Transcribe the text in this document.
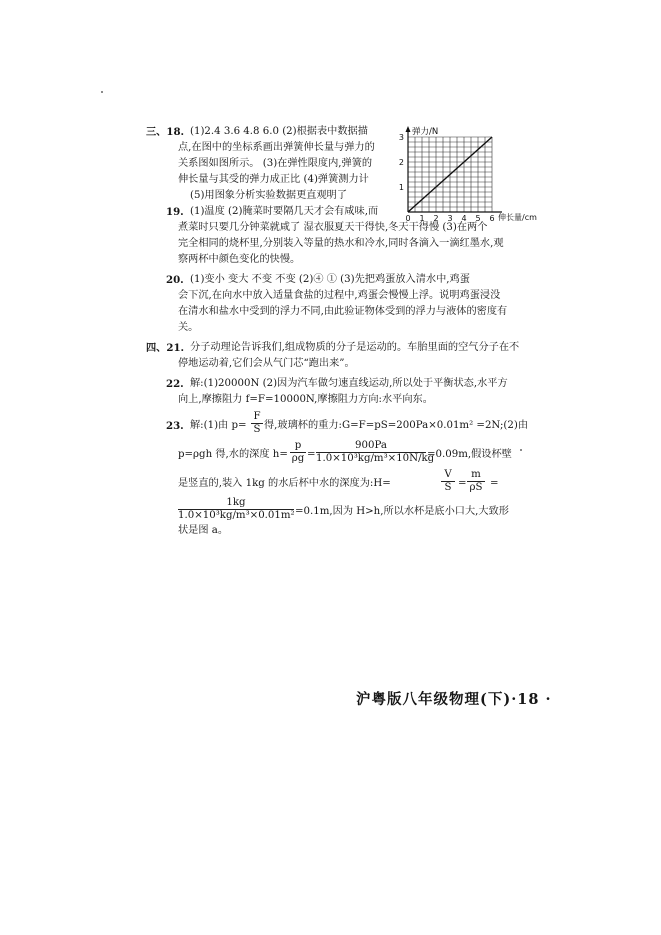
三、18. (1)2.4 3.6 4.8 6.0 (2)根据表中数据描
点,在图中的坐标系画出弹簧伸长量与弹力的
关系图如图所示。 (3)在弹性限度内,弹簧的
伸长量与其受的弹力成正比 (4)弹簧测力计
(5)用图象分析实验数据更直观明了
弹力/N
伸长量/cm
0 1 2 3 4 5 6
1
2
3
19. (1)温度 (2)腌菜时要隔几天才会有咸味,而
煮菜时只要几分钟菜就咸了 湿衣服夏天干得快,冬天干得慢 (3)在两个
完全相同的烧杯里,分别装入等量的热水和冷水,同时各滴入一滴红墨水,观
察两杯中颜色变化的快慢。
20. (1)变小 变大 不变 不变 (2)④ ① (3)先把鸡蛋放入清水中,鸡蛋
会下沉,在向水中放入适量食盐的过程中,鸡蛋会慢慢上浮。说明鸡蛋浸没
在清水和盐水中受到的浮力不同,由此验证物体受到的浮力与液体的密度有
关。
四、21. 分子动理论告诉我们,组成物质的分子是运动的。车胎里面的空气分子在不
停地运动着,它们会从气门芯“跑出来”。
22. 解:(1)20000N (2)因为汽车做匀速直线运动,所以处于平衡状态,水平方
向上,摩擦阻力 f=F=10000N,摩擦阻力方向:水平向东。
23. 解:(1)由 p=
F
S 得,玻璃杯的重力:G=F=pS=200Pa×0.01m² =2N;(2)由
p=ρgh 得,水的深度 h=
p
ρg =
900Pa
1.0×10³kg/m³×10N/kg
=0.09m,假设杯壁
是竖直的,装入 1kg 的水后杯中水的深度为:H=
V
S =
m
ρS =
1kg
1.0×10³kg/m³×0.01m² =0.1m,因为 H>h,所以水杯是底小口大,大致形
状是图 a。
沪粤版八年级物理(下)·18 ·
